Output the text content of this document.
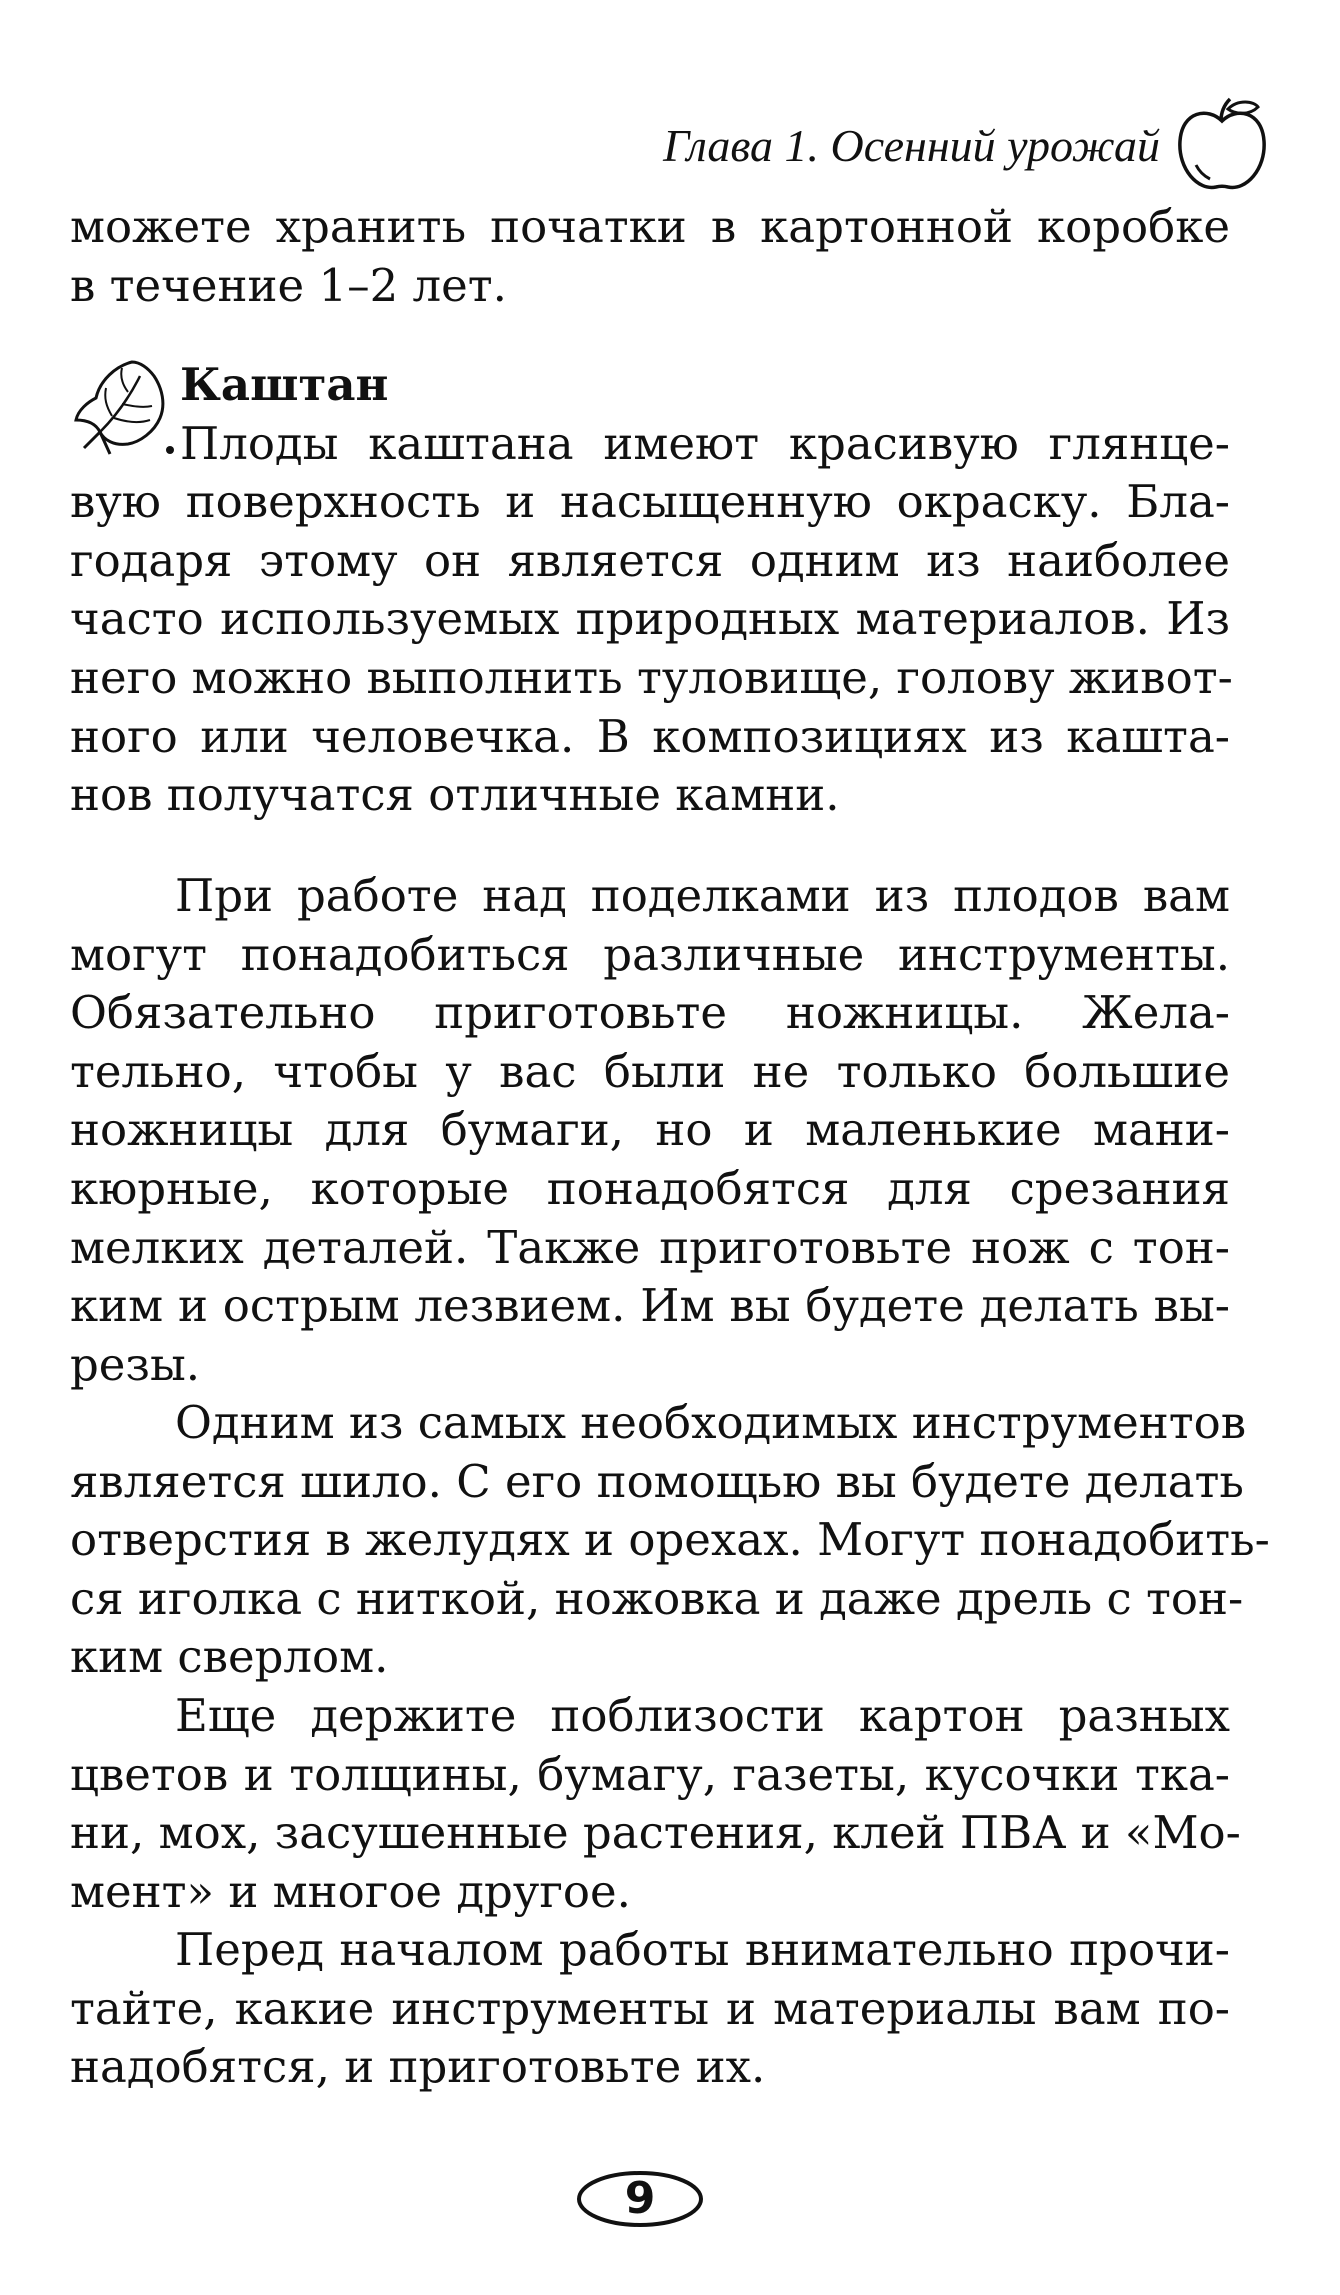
Глава 1. Осенний урожай
можете хранить початки в картонной коробке
в течение 1–2 лет.
Каштан
Плоды каштана имеют красивую глянце-
вую поверхность и насыщенную окраску. Бла-
годаря этому он является одним из наиболее
часто используемых природных материалов. Из
него можно выполнить туловище, голову живот-
ного или человечка. В композициях из кашта-
нов получатся отличные камни.
При работе над поделками из плодов вам
могут понадобиться различные инструменты.
Обязательно приготовьте ножницы. Жела-
тельно, чтобы у вас были не только большие
ножницы для бумаги, но и маленькие мани-
кюрные, которые понадобятся для срезания
мелких деталей. Также приготовьте нож с тон-
ким и острым лезвием. Им вы будете делать вы-
резы.
Одним из самых необходимых инструментов
является шило. С его помощью вы будете делать
отверстия в желудях и орехах. Могут понадобить-
ся иголка с ниткой, ножовка и даже дрель с тон-
ким сверлом.
Еще держите поблизости картон разных
цветов и толщины, бумагу, газеты, кусочки тка-
ни, мох, засушенные растения, клей ПВА и «Мо-
мент» и многое другое.
Перед началом работы внимательно прочи-
тайте, какие инструменты и материалы вам по-
надобятся, и приготовьте их.
9
